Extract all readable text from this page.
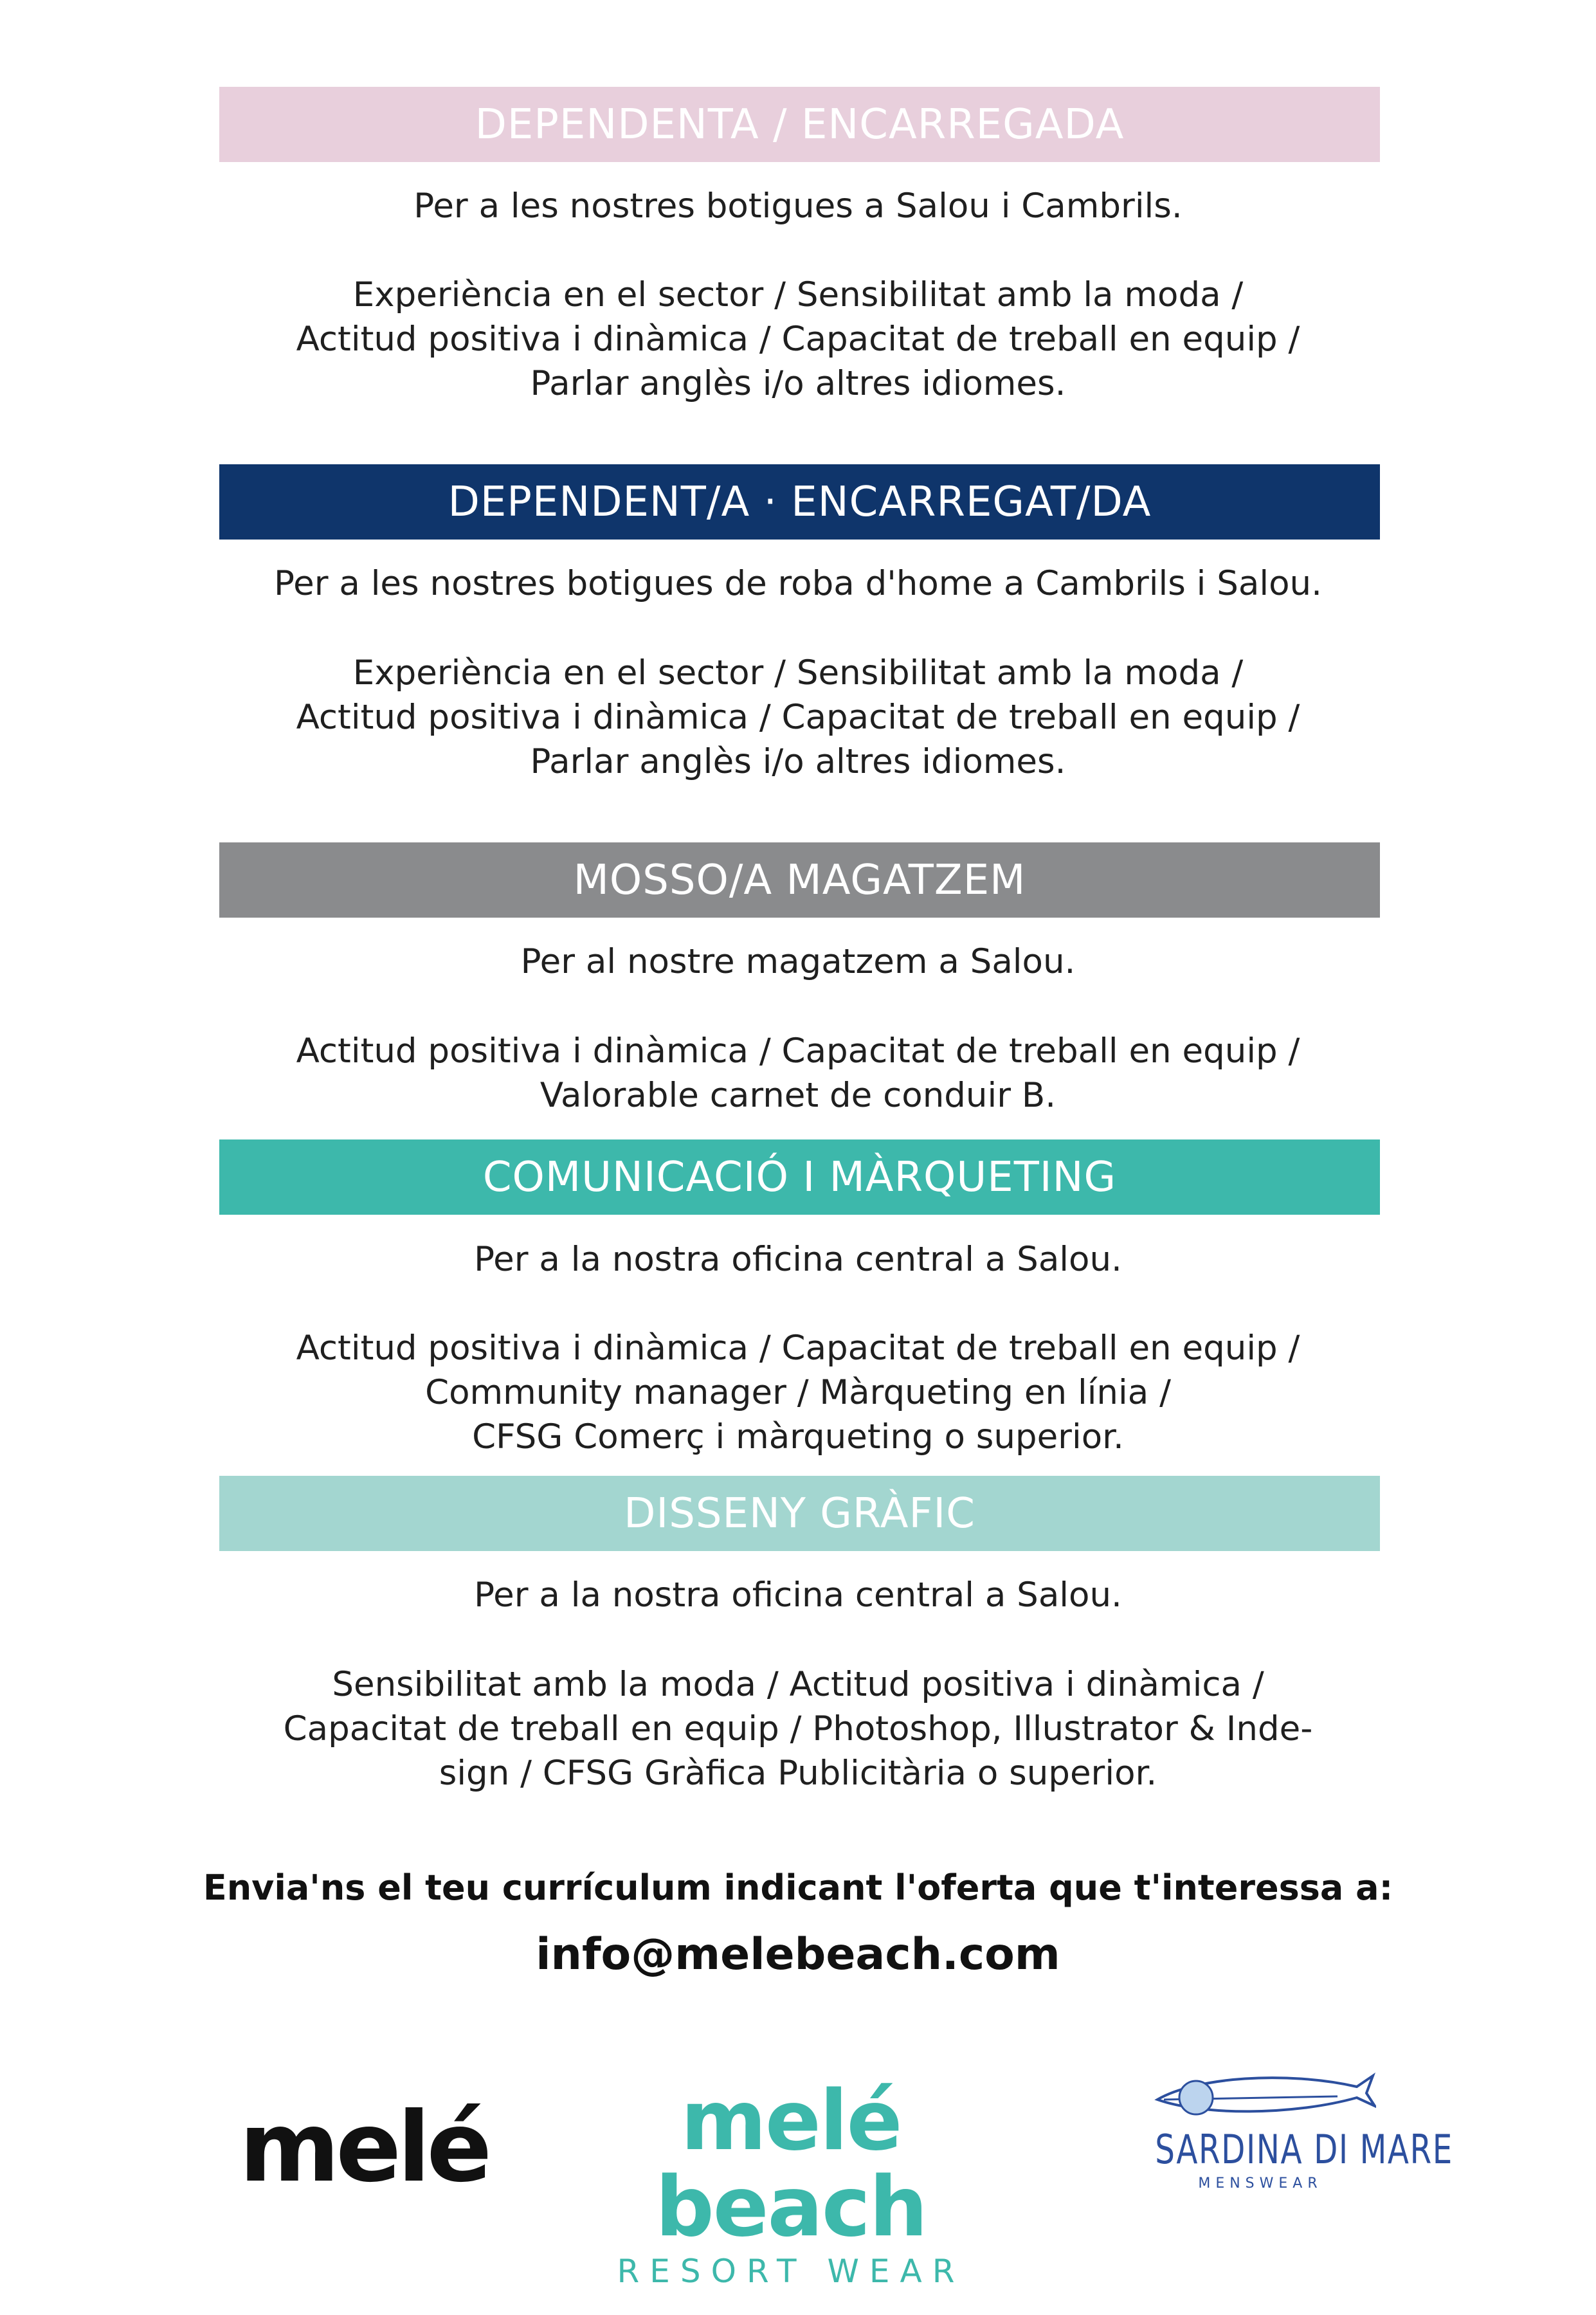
DEPENDENTA / ENCARREGADA
Per a les nostres botigues a Salou i Cambrils.
Experiència en el sector / Sensibilitat amb la moda /
Actitud positiva i dinàmica / Capacitat de treball en equip /
Parlar anglès i/o altres idiomes.
DEPENDENT/A · ENCARREGAT/DA
Per a les nostres botigues de roba d'home a Cambrils i Salou.
Experiència en el sector / Sensibilitat amb la moda /
Actitud positiva i dinàmica / Capacitat de treball en equip /
Parlar anglès i/o altres idiomes.
MOSSO/A MAGATZEM
Per al nostre magatzem a Salou.
Actitud positiva i dinàmica / Capacitat de treball en equip /
Valorable carnet de conduir B.
COMUNICACIÓ I MÀRQUETING
Per a la nostra oficina central a Salou.
Actitud positiva i dinàmica / Capacitat de treball en equip /
Community manager / Màrqueting en línia /
CFSG Comerç i màrqueting o superior.
DISSENY GRÀFIC
Per a la nostra oficina central a Salou.
Sensibilitat amb la moda / Actitud positiva i dinàmica /
Capacitat de treball en equip / Photoshop, Illustrator & Inde-
sign / CFSG Gràfica Publicitària o superior.
Envia'ns el teu currículum indicant l'oferta que t'interessa a:
info@melebeach.com
melé	melé beach
RESORT WEAR
SARDINA DI MARE
MENSWEAR
